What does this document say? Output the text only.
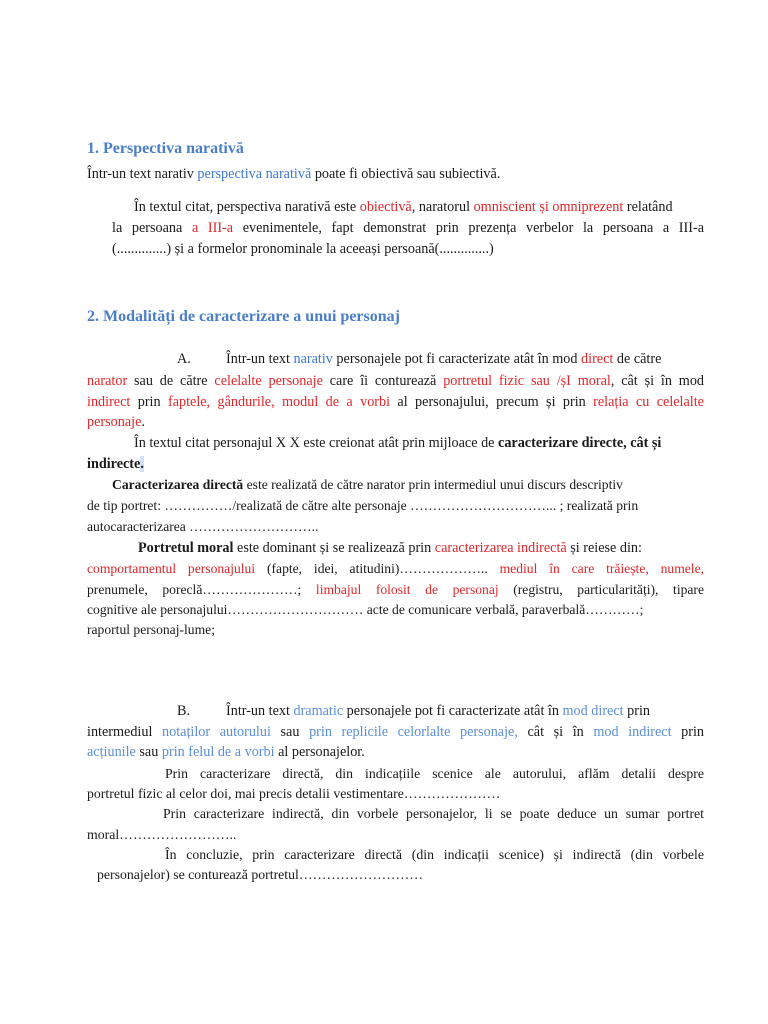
1. Perspectiva narativă
Într-un text narativ perspectiva narativă poate fi obiectivă sau subiectivă.
În textul citat, perspectiva narativă este obiectivă, naratorul omniscient și omniprezent relatând
la persoana a III-a evenimentele, fapt demonstrat prin prezența verbelor la persoana a III-a
(..............) și a formelor pronominale la aceeași persoană(..............)
2. Modalități de caracterizare a unui personaj
A. Într-un text narativ personajele pot fi caracterizate atât în mod direct de către
narator sau de către celelalte personaje care îi conturează portretul fizic sau /șI moral, cât și în mod
indirect prin faptele, gândurile, modul de a vorbi al personajului, precum și prin relația cu celelalte
personaje.
În textul citat personajul X X este creionat atât prin mijloace de caracterizare directe, cât și
indirecte.
Caracterizarea directă este realizată de către narator prin intermediul unui discurs descriptiv
de tip portret: ……………/realizată de către alte personaje …………………………... ; realizată prin
autocaracterizarea ………………………..
Portretul moral este dominant și se realizează prin caracterizarea indirectă și reiese din:
comportamentul personajului (fapte, idei, atitudini)……………….. mediul în care trăiește, numele,
prenumele, poreclă…………………; limbajul folosit de personaj (registru, particularități), tipare
cognitive ale personajului………………………… acte de comunicare verbală, paraverbală…………;
raportul personaj-lume;
B.	Într-un text dramatic personajele pot fi caracterizate atât în mod direct prin
intermediul notaților autorului sau prin replicile celorlalte personaje, cât și în mod indirect prin
acțiunile sau prin felul de a vorbi al personajelor.
Prin caracterizare directă, din indicațiile scenice ale autorului, aflăm detalii despre
portretul fizic al celor doi, mai precis detalii vestimentare…………………
Prin caracterizare indirectă, din vorbele personajelor, li se poate deduce un sumar portret
moral……………………..
În concluzie, prin caracterizare directă (din indicații scenice) și indirectă (din vorbele
personajelor) se conturează portretul………………………
